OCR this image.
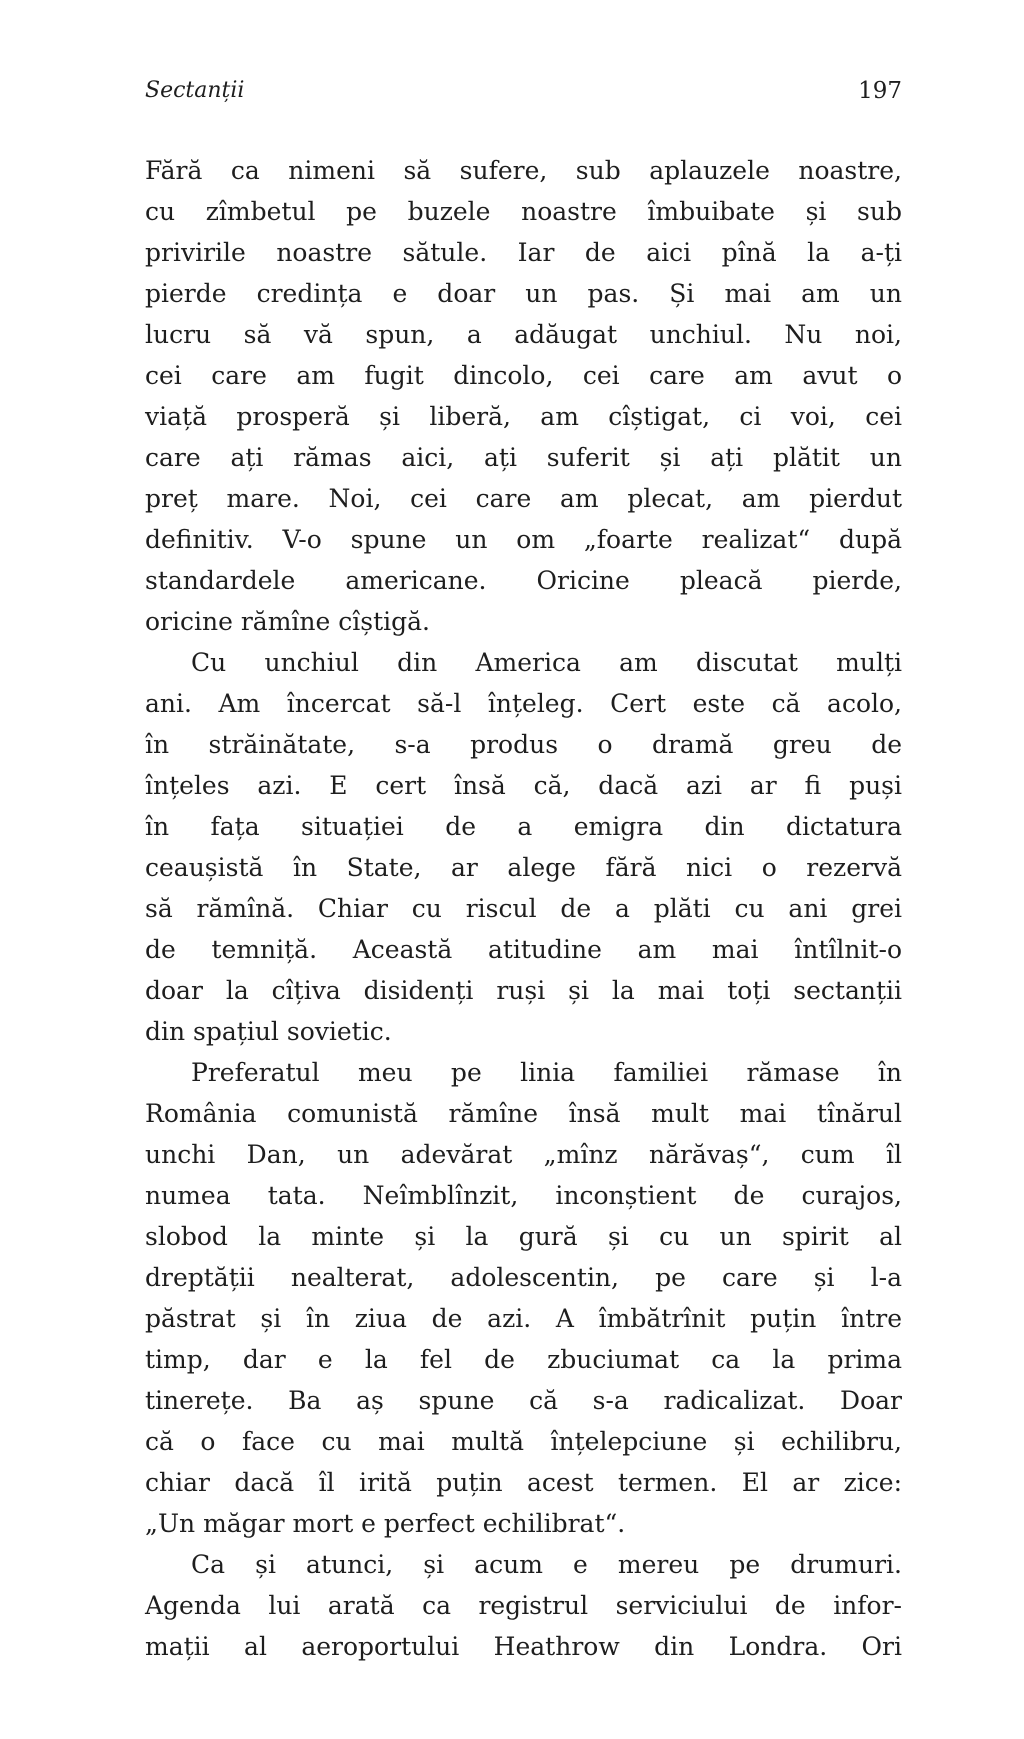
Sectanții	197
Fără ca nimeni să sufere, sub aplauzele noastre,
cu zîmbetul pe buzele noastre îmbuibate și sub
privirile noastre sătule. Iar de aici pînă la a-ți
pierde credința e doar un pas. Și mai am un
lucru să vă spun, a adăugat unchiul. Nu noi,
cei care am fugit dincolo, cei care am avut o
viață prosperă și liberă, am cîștigat, ci voi, cei
care ați rămas aici, ați suferit și ați plătit un
preț mare. Noi, cei care am plecat, am pierdut
definitiv. V-o spune un om „foarte realizat“ după
standardele americane. Oricine pleacă pierde,
oricine rămîne cîștigă.
Cu unchiul din America am discutat mulți
ani. Am încercat să-l înțeleg. Cert este că acolo,
în străinătate, s-a produs o dramă greu de
înțeles azi. E cert însă că, dacă azi ar fi puși
în fața situației de a emigra din dictatura
ceaușistă în State, ar alege fără nici o rezervă
să rămînă. Chiar cu riscul de a plăti cu ani grei
de temniță. Această atitudine am mai întîlnit-o
doar la cîțiva disidenți ruși și la mai toți sectanții
din spațiul sovietic.
Preferatul meu pe linia familiei rămase în
România comunistă rămîne însă mult mai tînărul
unchi Dan, un adevărat „mînz nărăvaș“, cum îl
numea tata. Neîmblînzit, inconștient de curajos,
slobod la minte și la gură și cu un spirit al
dreptății nealterat, adolescentin, pe care și l-a
păstrat și în ziua de azi. A îmbătrînit puțin între
timp, dar e la fel de zbuciumat ca la prima
tinerețe. Ba aș spune că s-a radicalizat. Doar
că o face cu mai multă înțelepciune și echilibru,
chiar dacă îl irită puțin acest termen. El ar zice:
„Un măgar mort e perfect echilibrat“.
Ca și atunci, și acum e mereu pe drumuri.
Agenda lui arată ca registrul serviciului de infor-
mații al aeroportului Heathrow din Londra. Ori
